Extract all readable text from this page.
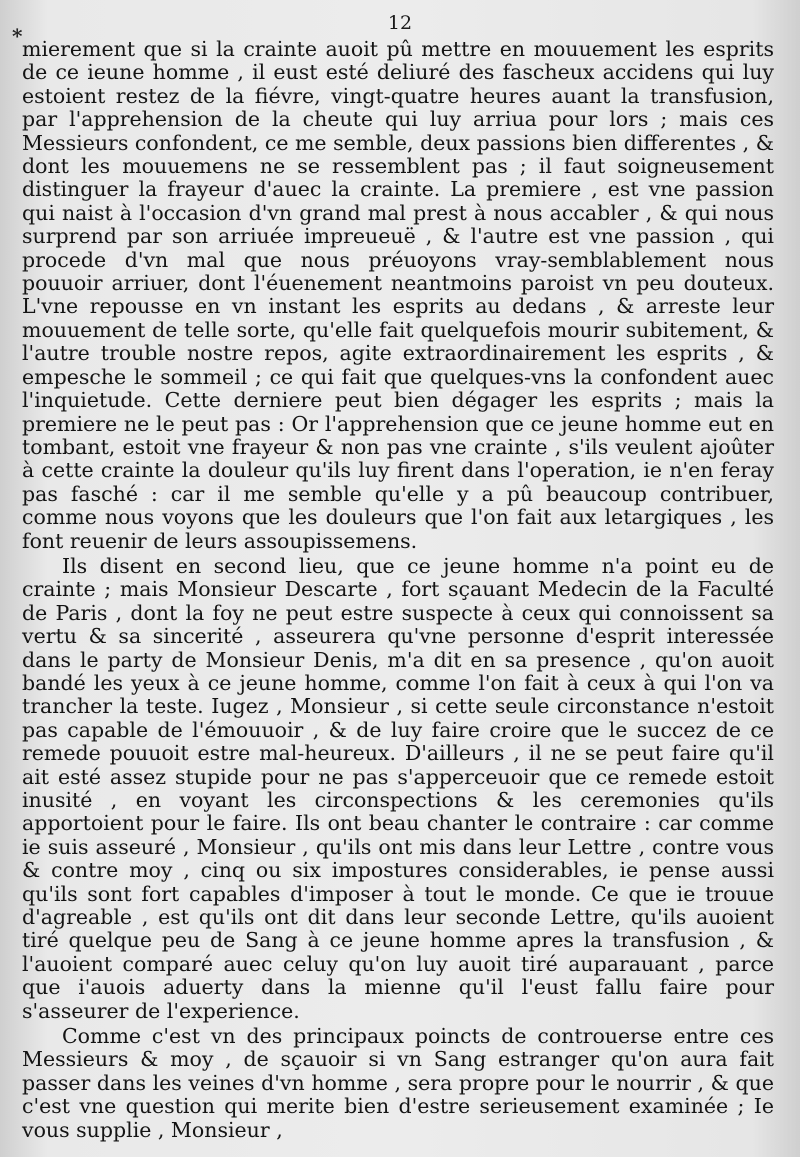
*
12

mierement que si la crainte auoit pû mettre en mouuement les esprits de ce ieune homme , il eust esté deliuré des fascheux accidens qui luy estoient restez de la fiévre, vingt-quatre heures auant la transfusion, par l'apprehension de la cheute qui luy arriua pour lors ; mais ces Messieurs confondent, ce me semble, deux passions bien differentes , & dont les mouuemens ne se ressemblent pas ; il faut soigneusement distinguer la frayeur d'auec la crainte. La premiere , est vne passion qui naist à l'occasion d'vn grand mal prest à nous accabler , & qui nous surprend par son arriuée impreueuë , & l'autre est vne passion , qui procede d'vn mal que nous préuoyons vray-semblablement nous pouuoir arriuer, dont l'éuenement neantmoins paroist vn peu douteux. L'vne repousse en vn instant les esprits au dedans , & arreste leur mouuement de telle sorte, qu'elle fait quelquefois mourir subitement, & l'autre trouble nostre repos, agite extraordinairement les esprits , & empesche le sommeil ; ce qui fait que quelques-vns la confondent auec l'inquietude. Cette derniere peut bien dégager les esprits ; mais la premiere ne le peut pas : Or l'apprehension que ce jeune homme eut en tombant, estoit vne frayeur & non pas vne crainte , s'ils veulent ajoûter à cette crainte la douleur qu'ils luy firent dans l'operation, ie n'en feray pas fasché : car il me semble qu'elle y a pû beaucoup contribuer, comme nous voyons que les douleurs que l'on fait aux letargiques , les font reuenir de leurs assoupissemens.

Ils disent en second lieu, que ce jeune homme n'a point eu de crainte ; mais Monsieur Descarte , fort sçauant Medecin de la Faculté de Paris , dont la foy ne peut estre suspecte à ceux qui connoissent sa vertu & sa sincerité , asseurera qu'vne personne d'esprit interessée dans le party de Monsieur Denis, m'a dit en sa presence , qu'on auoit bandé les yeux à ce jeune homme, comme l'on fait à ceux à qui l'on va trancher la teste. Iugez , Monsieur , si cette seule circonstance n'estoit pas capable de l'émouuoir , & de luy faire croire que le succez de ce remede pouuoit estre mal-heureux. D'ailleurs , il ne se peut faire qu'il ait esté assez stupide pour ne pas s'apperceuoir que ce remede estoit inusité , en voyant les circonspections & les ceremonies qu'ils apportoient pour le faire. Ils ont beau chanter le contraire : car comme ie suis asseuré , Monsieur , qu'ils ont mis dans leur Lettre , contre vous & contre moy , cinq ou six impostures considerables, ie pense aussi qu'ils sont fort capables d'imposer à tout le monde. Ce que ie trouue d'agreable , est qu'ils ont dit dans leur seconde Lettre, qu'ils auoient tiré quelque peu de Sang à ce jeune homme apres la transfusion , & l'auoient comparé auec celuy qu'on luy auoit tiré auparauant , parce que i'auois aduerty dans la mienne qu'il l'eust fallu faire pour s'asseurer de l'experience.

Comme c'est vn des principaux poincts de controuerse entre ces Messieurs & moy , de sçauoir si vn Sang estranger qu'on aura fait passer dans les veines d'vn homme , sera propre pour le nourrir , & que c'est vne question qui merite bien d'estre serieusement examinée ; Ie vous supplie , Monsieur ,
